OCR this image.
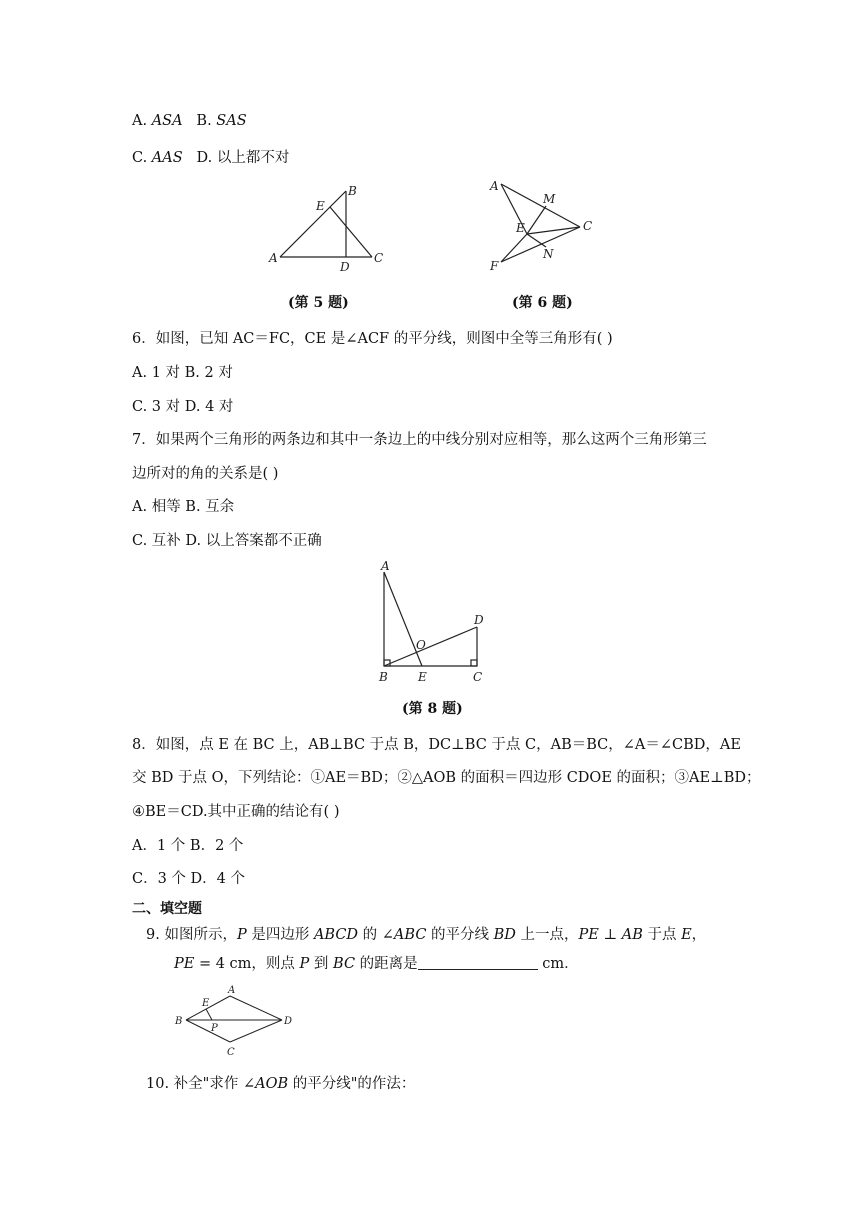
A. ASA B. SAS
C. AAS D. 以上都不对
A
B
C
D
E
(第 5 题)
A
M
C
E
N
F
(第 6 题)
6．如图，已知 AC＝FC，CE 是∠ACF 的平分线，则图中全等三角形有( )
A. 1 对 B. 2 对
C. 3 对 D. 4 对
7．如果两个三角形的两条边和其中一条边上的中线分别对应相等，那么这两个三角形第三
边所对的角的关系是( )
A. 相等 B. 互余
C. 互补 D. 以上答案都不正确
A
B	C
D
E
O
(第 8 题)
8．如图，点 E 在 BC 上，AB⊥BC 于点 B，DC⊥BC 于点 C，AB＝BC，∠A＝∠CBD，AE
交 BD 于点 O，下列结论：①AE＝BD；②△AOB 的面积＝四边形 CDOE 的面积；③AE⊥BD；
④BE＝CD.其中正确的结论有( )
A．1 个 B．2 个
C．3 个 D．4 个
二、填空题
9. 如图所示，P 是四边形 ABCD 的 ∠ABC 的平分线 BD 上一点，PE ⊥ AB 于点 E，
PE = 4 cm，则点 P 到 BC 的距离是	cm．
A
B
C
D
E
P
10. 补全"求作 ∠AOB 的平分线"的作法：
